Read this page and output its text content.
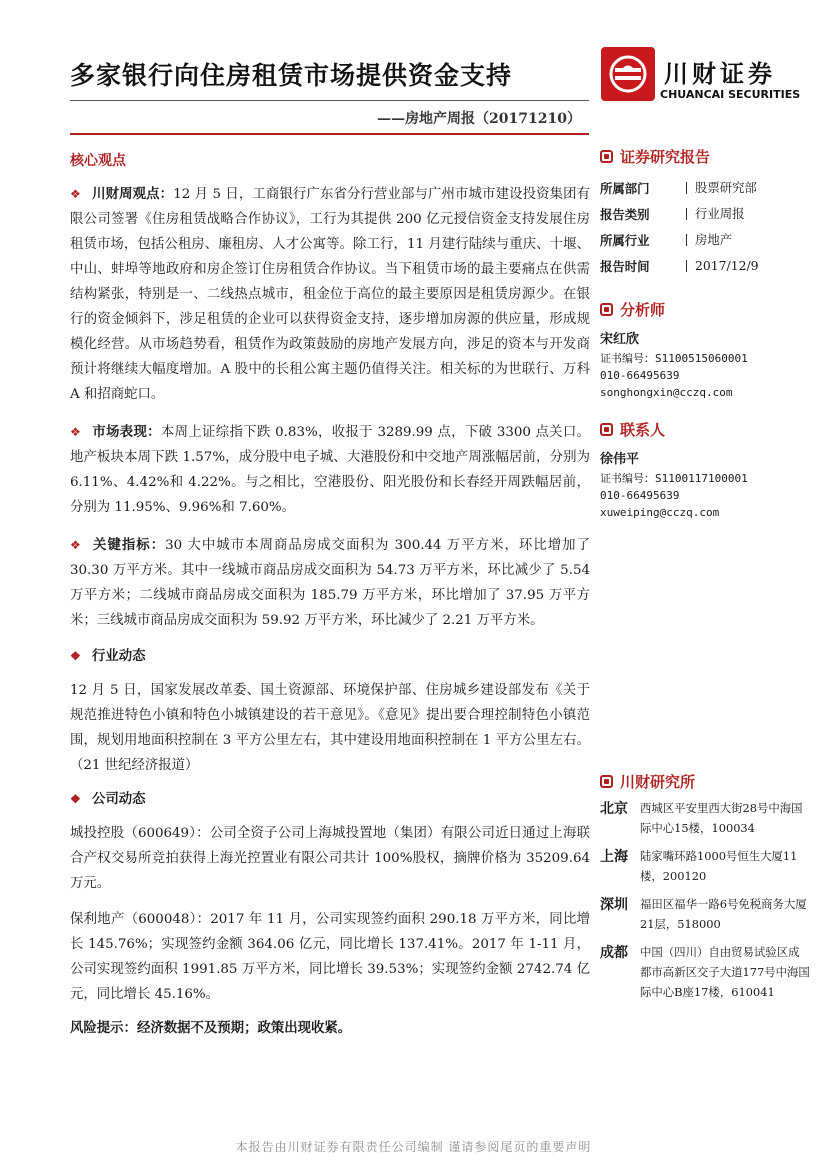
多家银行向住房租赁市场提供资金支持
——房地产周报（20171210）
川财证券
CHUANCAI SECURITIES
核心观点

❖ 川财周观点：12 月 5 日，工商银行广东省分行营业部与广州市城市建设投资集团有限公司签署《住房租赁战略合作协议》，工行为其提供 200 亿元授信资金支持发展住房租赁市场，包括公租房、廉租房、人才公寓等。除工行，11 月建行陆续与重庆、十堰、中山、蚌埠等地政府和房企签订住房租赁合作协议。当下租赁市场的最主要痛点在供需结构紧张，特别是一、二线热点城市，租金位于高位的最主要原因是租赁房源少。在银行的资金倾斜下，涉足租赁的企业可以获得资金支持，逐步增加房源的供应量，形成规模化经营。从市场趋势看，租赁作为政策鼓励的房地产发展方向，涉足的资本与开发商预计将继续大幅度增加。A 股中的长租公寓主题仍值得关注。相关标的为世联行、万科 A 和招商蛇口。

❖ 市场表现：本周上证综指下跌 0.83%，收报于 3289.99 点，下破 3300 点关口。地产板块本周下跌 1.57%，成分股中电子城、大港股份和中交地产周涨幅居前，分别为 6.11%、4.42%和 4.22%。与之相比，空港股份、阳光股份和长春经开周跌幅居前，分别为 11.95%、9.96%和 7.60%。

❖ 关键指标：30 大中城市本周商品房成交面积为 300.44 万平方米，环比增加了 30.30 万平方米。其中一线城市商品房成交面积为 54.73 万平方米，环比减少了 5.54 万平方米；二线城市商品房成交面积为 185.79 万平方米，环比增加了 37.95 万平方米；三线城市商品房成交面积为 59.92 万平方米，环比减少了 2.21 万平方米。

❖ 行业动态

12 月 5 日，国家发展改革委、国土资源部、环境保护部、住房城乡建设部发布《关于规范推进特色小镇和特色小城镇建设的若干意见》。《意见》提出要合理控制特色小镇范围，规划用地面积控制在 3 平方公里左右，其中建设用地面积控制在 1 平方公里左右。（21 世纪经济报道）

❖ 公司动态

城投控股（600649）：公司全资子公司上海城投置地（集团）有限公司近日通过上海联合产权交易所竞拍获得上海光控置业有限公司共计 100%股权，摘牌价格为 35209.64 万元。

保利地产（600048）：2017 年 11 月，公司实现签约面积 290.18 万平方米，同比增长 145.76%；实现签约金额 364.06 亿元，同比增长 137.41%。2017 年 1-11 月，公司实现签约面积 1991.85 万平方米，同比增长 39.53%；实现签约金额 2742.74 亿元，同比增长 45.16%。

风险提示：经济数据不及预期；政策出现收紧。

证券研究报告
所属部门	股票研究部
报告类别	行业周报
所属行业	房地产
报告时间	2017/12/9
分析师
宋红欣
证书编号：S1100515060001
010-66495639
songhongxin@cczq.com
联系人
徐伟平
证书编号：S1100117100001
010-66495639
xuweiping@cczq.com
川财研究所
北京	西城区平安里西大街28号中海国际中心15楼，100034
上海	陆家嘴环路1000号恒生大厦11楼，200120
深圳	福田区福华一路6号免税商务大厦21层，518000
成都	中国（四川）自由贸易试验区成都市高新区交子大道177号中海国际中心B座17楼，610041
本报告由川财证券有限责任公司编制 谨请参阅尾页的重要声明
